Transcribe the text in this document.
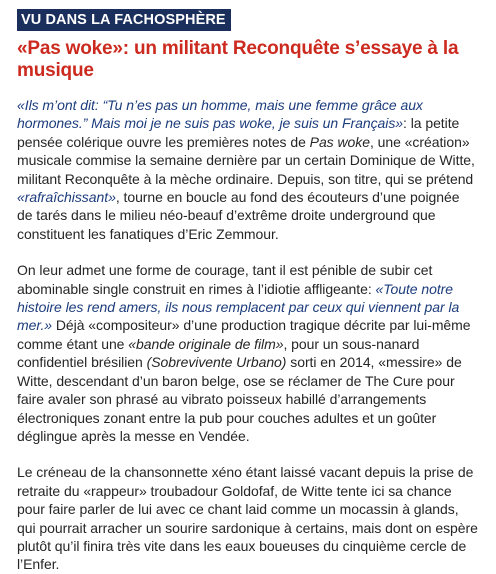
VU DANS LA FACHOSPHÈRE
«Pas woke»: un militant Reconquête s’essaye à la musique

«Ils m’ont dit: “Tu n’es pas un homme, mais une femme grâce aux hormones.” Mais moi je ne suis pas woke, je suis un Français»: la petite pensée colérique ouvre les premières notes de Pas woke, une «création» musicale commise la semaine dernière par un certain Dominique de Witte, militant Reconquête à la mèche ordinaire. Depuis, son titre, qui se prétend «rafraîchissant», tourne en boucle au fond des écouteurs d’une poignée de tarés dans le milieu néo-beauf d’extrême droite underground que constituent les fanatiques d’Eric Zemmour.

On leur admet une forme de courage, tant il est pénible de subir cet abominable single construit en rimes à l’idiotie affligeante: «Toute notre histoire les rend amers, ils nous remplacent par ceux qui viennent par la mer.» Déjà «compositeur» d’une production tragique décrite par lui-même comme étant une «bande originale de film», pour un sous-nanard confidentiel brésilien (Sobrevivente Urbano) sorti en 2014, «messire» de Witte, descendant d’un baron belge, ose se réclamer de The Cure pour faire avaler son phrasé au vibrato poisseux habillé d’arrangements électroniques zonant entre la pub pour couches adultes et un goûter déglingue après la messe en Vendée.

Le créneau de la chansonnette xéno étant laissé vacant depuis la prise de retraite du «rappeur» troubadour Goldofaf, de Witte tente ici sa chance pour faire parler de lui avec ce chant laid comme un mocassin à glands, qui pourrait arracher un sourire sardonique à certains, mais dont on espère plutôt qu’il finira très vite dans les eaux boueuses du cinquième cercle de l’Enfer.
